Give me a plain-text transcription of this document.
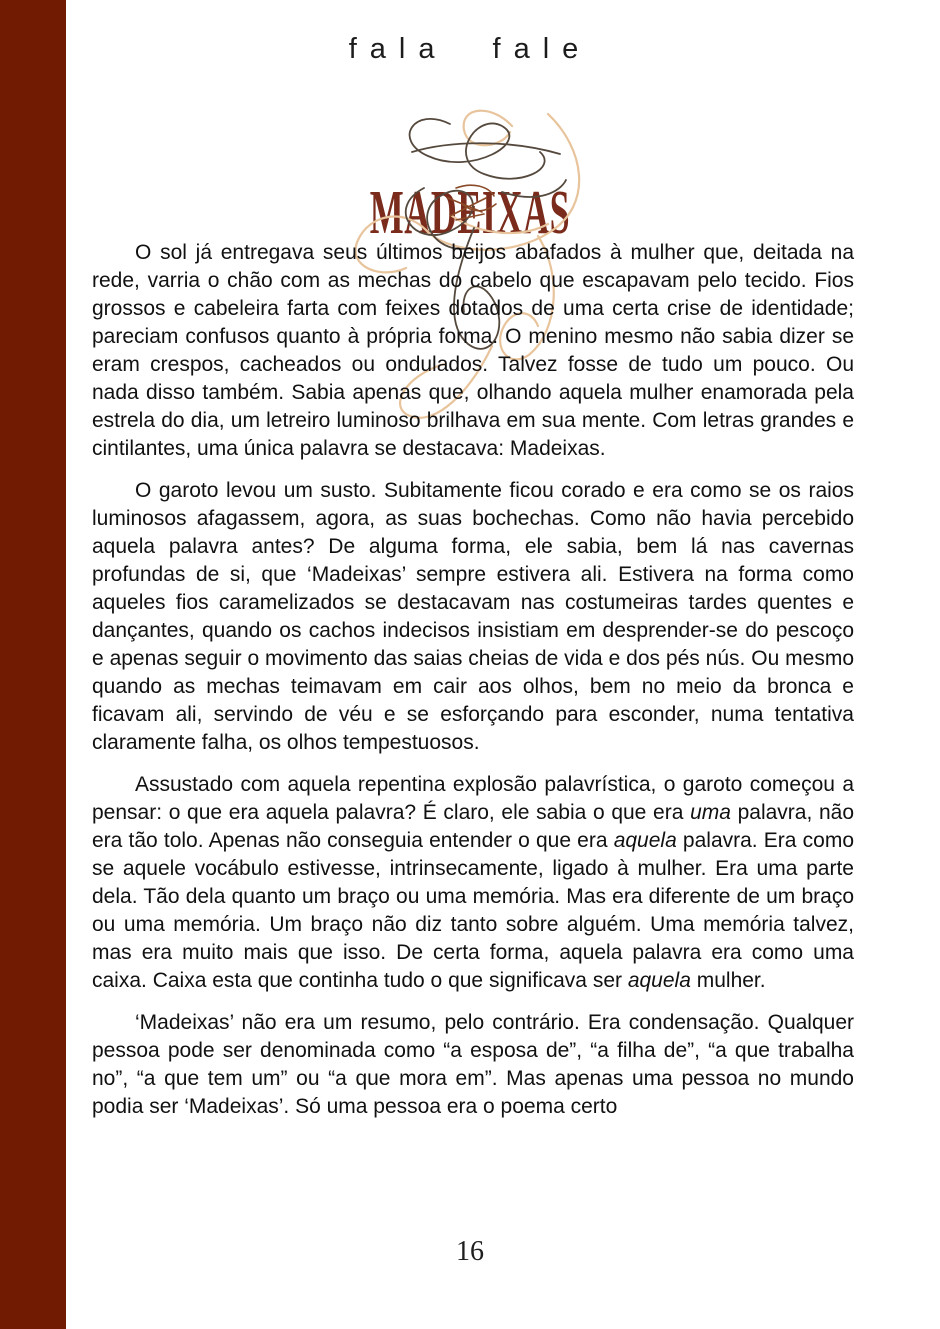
fala fale
MADEIXAS

O sol já entregava seus últimos beijos abafados à mulher que, deitada na rede, varria o chão com as mechas do cabelo que escapavam pelo tecido. Fios grossos e cabeleira farta com feixes dotados de uma certa crise de identidade; pareciam confusos quanto à própria forma. O menino mesmo não sabia dizer se eram crespos, cacheados ou ondulados. Talvez fosse de tudo um pouco. Ou nada disso também. Sabia apenas que, olhando aquela mulher enamorada pela estrela do dia, um letreiro luminoso brilhava em sua mente. Com letras grandes e cintilantes, uma única palavra se destacava: Madeixas.

O garoto levou um susto. Subitamente ficou corado e era como se os raios luminosos afagassem, agora, as suas bochechas. Como não havia percebido aquela palavra antes? De alguma forma, ele sabia, bem lá nas cavernas profundas de si, que ‘Madeixas’ sempre estivera ali. Estivera na forma como aqueles fios caramelizados se destacavam nas costumeiras tardes quentes e dançantes, quando os cachos indecisos insistiam em desprender-se do pescoço e apenas seguir o movimento das saias cheias de vida e dos pés nús. Ou mesmo quando as mechas teimavam em cair aos olhos, bem no meio da bronca e ficavam ali, servindo de véu e se esforçando para esconder, numa tentativa claramente falha, os olhos tempestuosos.

Assustado com aquela repentina explosão palavrística, o garoto começou a pensar: o que era aquela palavra? É claro, ele sabia o que era uma palavra, não era tão tolo. Apenas não conseguia entender o que era aquela palavra. Era como se aquele vocábulo estivesse, intrinsecamente, ligado à mulher. Era uma parte dela. Tão dela quanto um braço ou uma memória. Mas era diferente de um braço ou uma memória. Um braço não diz tanto sobre alguém. Uma memória talvez, mas era muito mais que isso. De certa forma, aquela palavra era como uma caixa. Caixa esta que continha tudo o que significava ser aquela mulher.

‘Madeixas’ não era um resumo, pelo contrário. Era condensação. Qualquer pessoa pode ser denominada como “a esposa de”, “a filha de”, “a que trabalha no”, “a que tem um” ou “a que mora em”. Mas apenas uma pessoa no mundo podia ser ‘Madeixas’. Só uma pessoa era o poema certo

16
